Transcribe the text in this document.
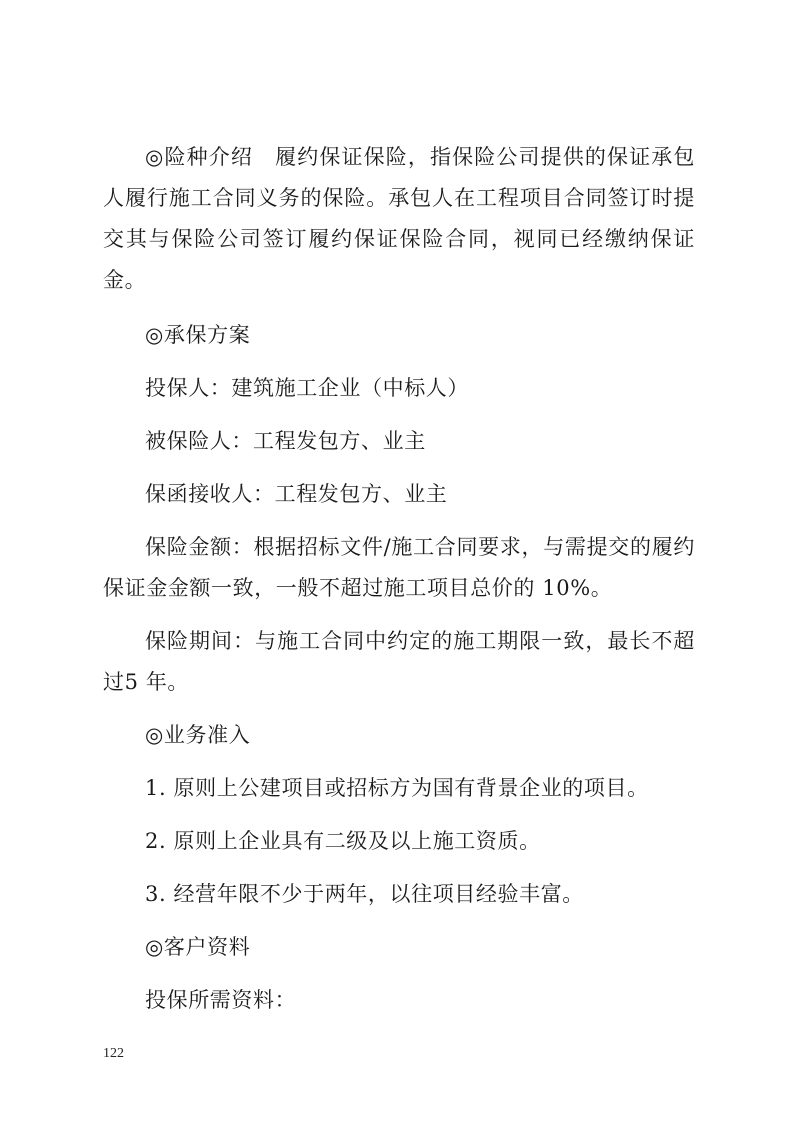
◎险种介绍　履约保证保险，指保险公司提供的保证承包人履行施工合同义务的保险。承包人在工程项目合同签订时提交其与保险公司签订履约保证保险合同，视同已经缴纳保证金。

◎承保方案

投保人：建筑施工企业（中标人）

被保险人：工程发包方、业主

保函接收人：工程发包方、业主

保险金额：根据招标文件/施工合同要求，与需提交的履约保证金金额一致，一般不超过施工项目总价的 10%。

保险期间：与施工合同中约定的施工期限一致，最长不超过5 年。

◎业务准入

1. 原则上公建项目或招标方为国有背景企业的项目。

2. 原则上企业具有二级及以上施工资质。

3. 经营年限不少于两年，以往项目经验丰富。

◎客户资料

投保所需资料：

122
